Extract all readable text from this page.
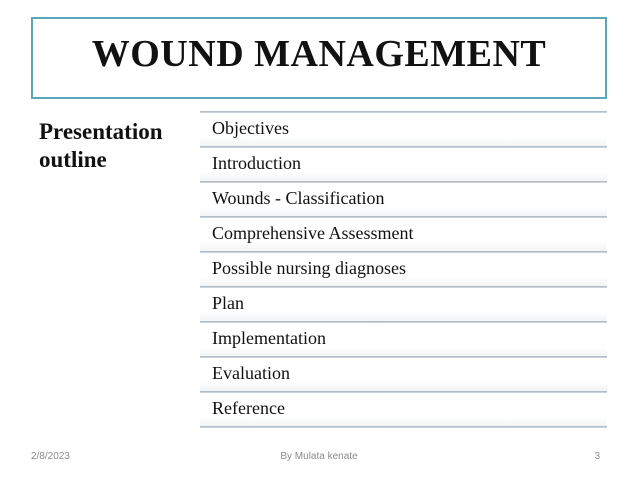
WOUND MANAGEMENT
Presentation outline
Objectives
Introduction
Wounds - Classification
Comprehensive Assessment
Possible nursing diagnoses
Plan
Implementation
Evaluation
Reference
2/8/2023	By Mulata kenate	3
